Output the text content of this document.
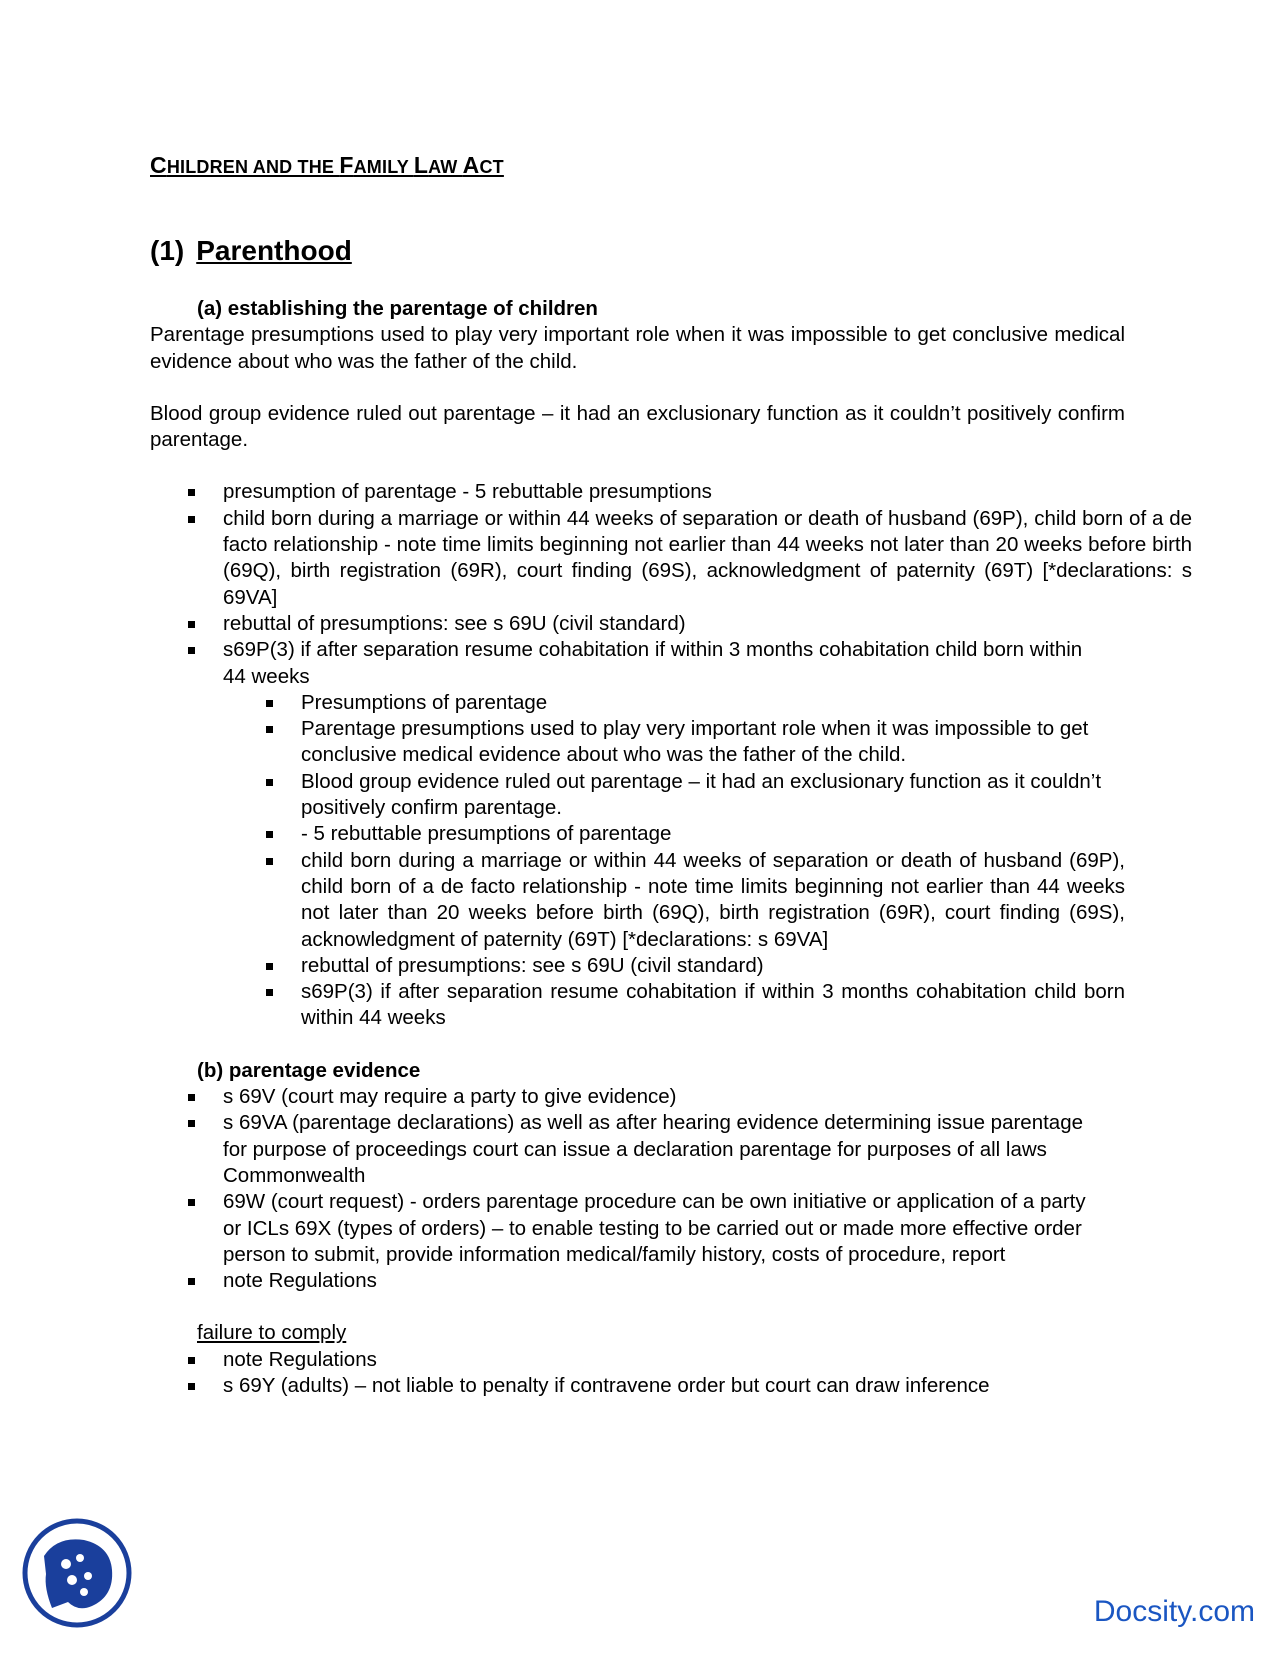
CHILDREN AND THE FAMILY LAW ACT
(1) Parenthood

(a) establishing the parentage of children

Parentage presumptions used to play very important role when it was impossible to get conclusive medical evidence about who was the father of the child.

Blood group evidence ruled out parentage – it had an exclusionary function as it couldn’t positively confirm parentage.

presumption of parentage - 5 rebuttable presumptions
child born during a marriage or within 44 weeks of separation or death of husband (69P), child born of a de facto relationship - note time limits beginning not earlier than 44 weeks not later than 20 weeks before birth (69Q), birth registration (69R), court finding (69S), acknowledgment of paternity (69T) [*declarations: s 69VA]
rebuttal of presumptions: see s 69U (civil standard)
s69P(3) if after separation resume cohabitation if within 3 months cohabitation child born within 44 weeks
Presumptions of parentage
Parentage presumptions used to play very important role when it was impossible to get conclusive medical evidence about who was the father of the child.
Blood group evidence ruled out parentage – it had an exclusionary function as it couldn’t positively confirm parentage.
- 5 rebuttable presumptions of parentage
child born during a marriage or within 44 weeks of separation or death of husband (69P), child born of a de facto relationship - note time limits beginning not earlier than 44 weeks not later than 20 weeks before birth (69Q), birth registration (69R), court finding (69S), acknowledgment of paternity (69T) [*declarations: s 69VA]
rebuttal of presumptions: see s 69U (civil standard)
s69P(3) if after separation resume cohabitation if within 3 months cohabitation child born within 44 weeks

(b) parentage evidence

s 69V (court may require a party to give evidence)
s 69VA (parentage declarations) as well as after hearing evidence determining issue parentage for purpose of proceedings court can issue a declaration parentage for purposes of all laws Commonwealth
69W (court request) - orders parentage procedure can be own initiative or application of a party or ICLs 69X (types of orders) – to enable testing to be carried out or made more effective order person to submit, provide information medical/family history, costs of procedure, report
note Regulations

failure to comply

note Regulations
s 69Y (adults) – not liable to penalty if contravene order but court can draw inference
Docsity.com
